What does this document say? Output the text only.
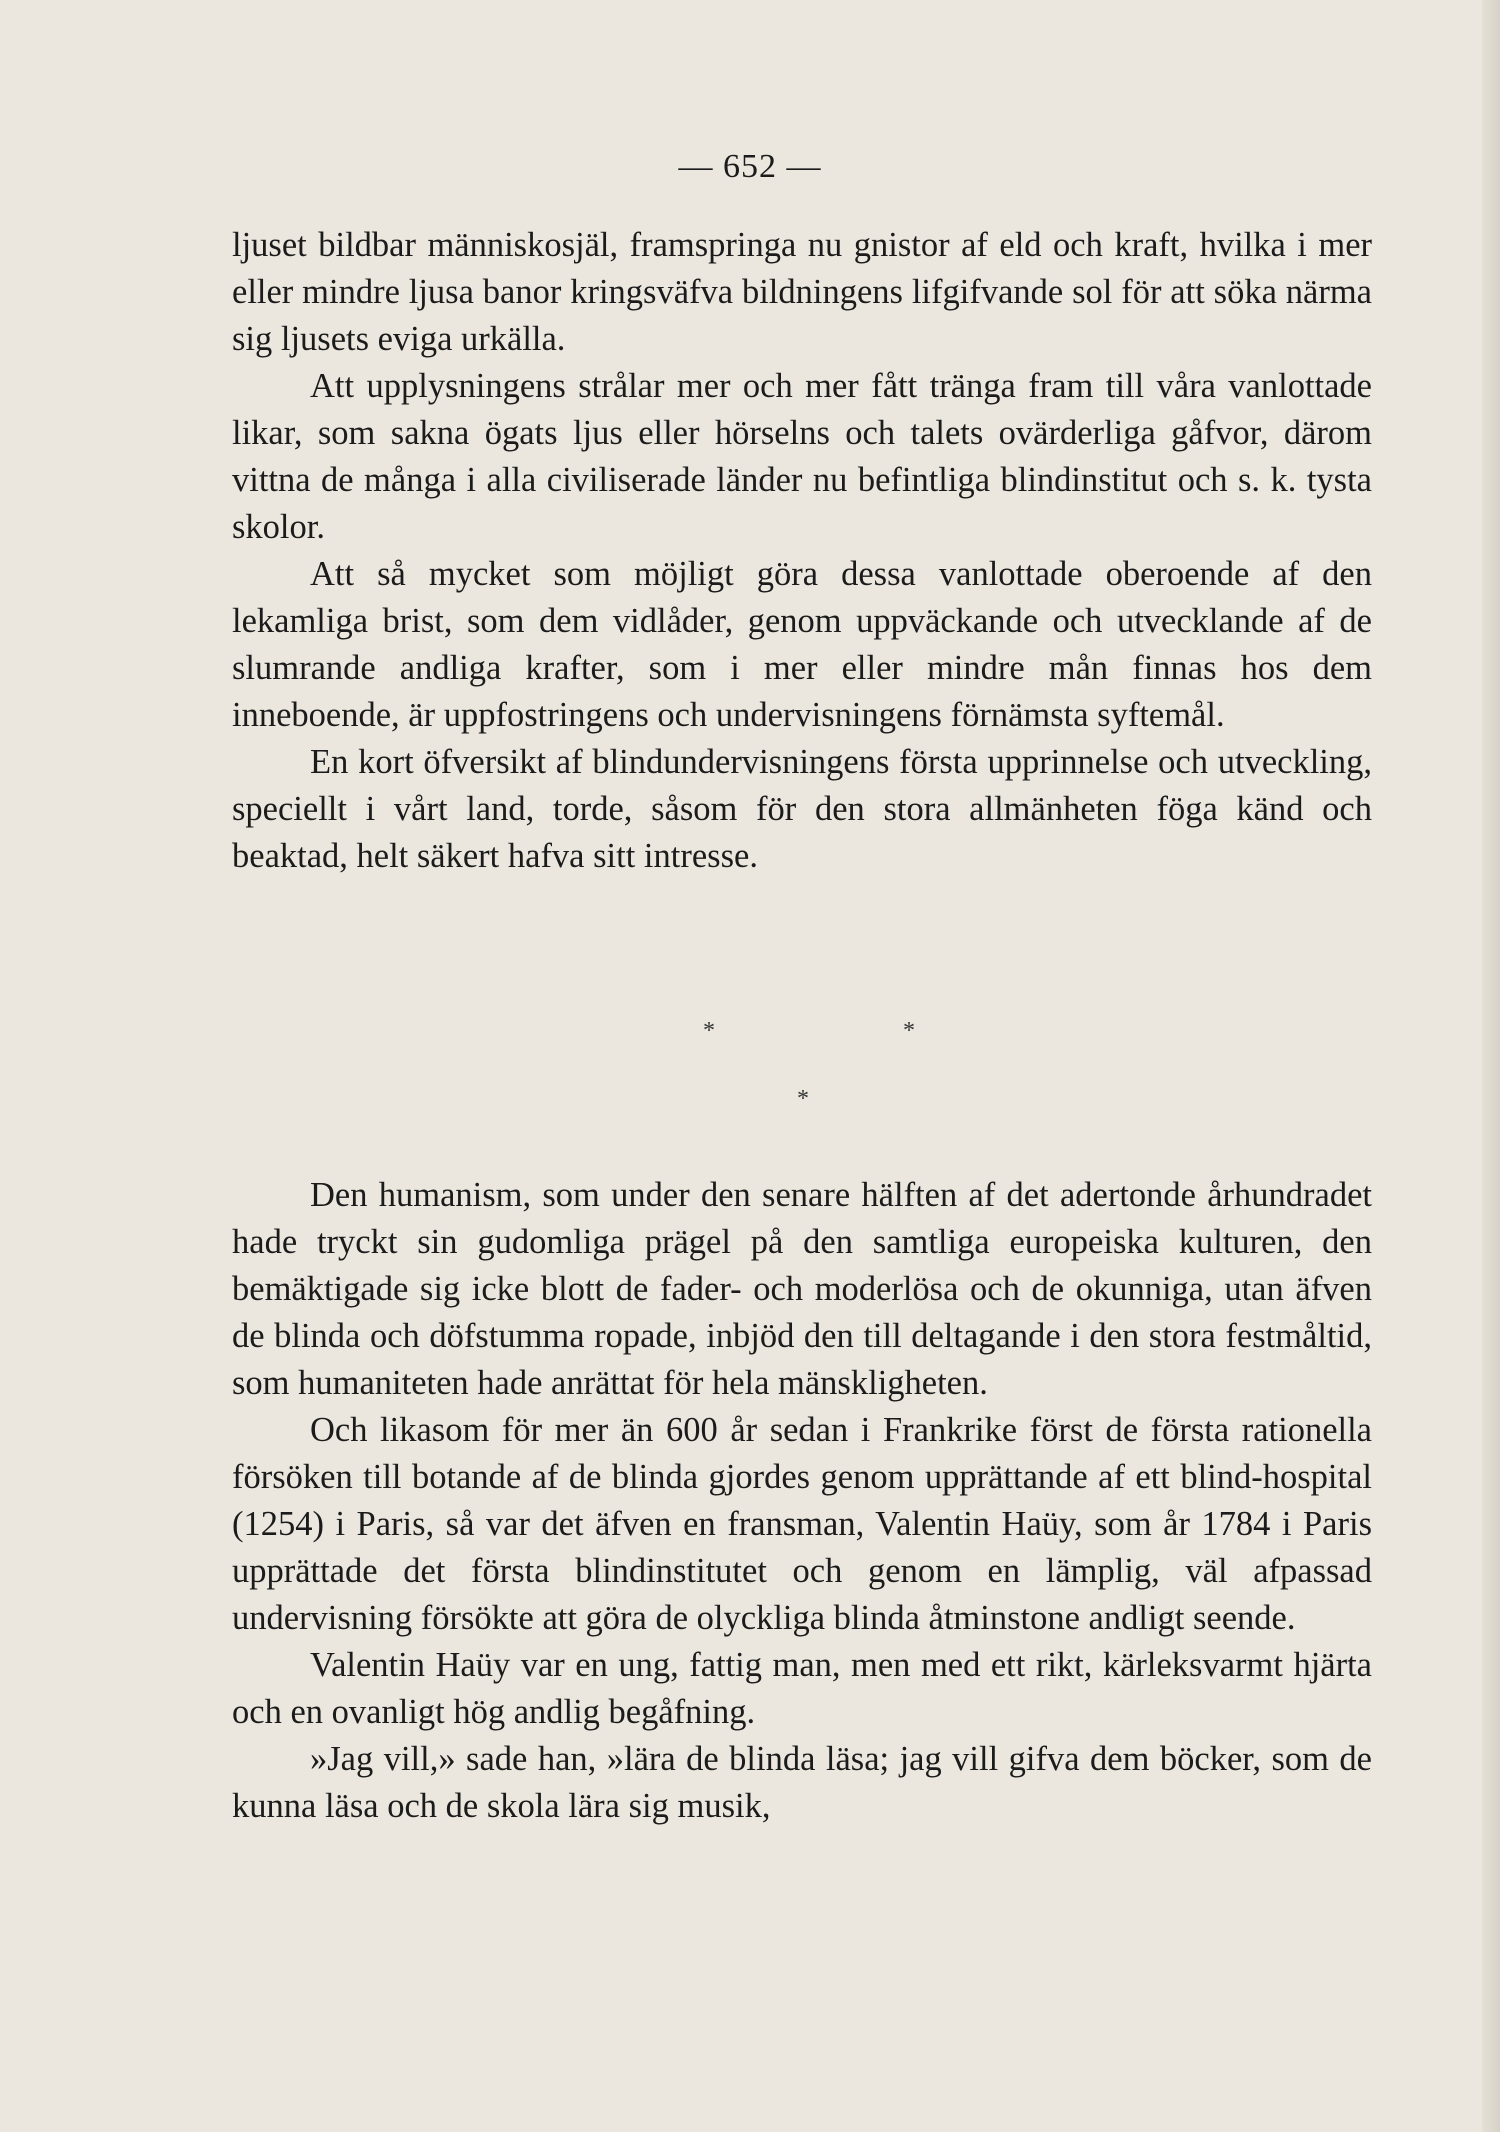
— 652 —

ljuset bildbar människosjäl, framspringa nu gnistor af eld och kraft, hvilka i mer eller mindre ljusa banor kringsväfva bildningens lifgifvande sol för att söka närma sig ljusets eviga urkälla.

Att upplysningens strålar mer och mer fått tränga fram till våra vanlottade likar, som sakna ögats ljus eller hörselns och talets ovärderliga gåfvor, därom vittna de många i alla civiliserade länder nu befintliga blindinstitut och s. k. tysta skolor.

Att så mycket som möjligt göra dessa vanlottade oberoende af den lekamliga brist, som dem vidlåder, genom uppväckande och utvecklande af de slumrande andliga krafter, som i mer eller mindre mån finnas hos dem inneboende, är uppfostringens och undervisningens förnämsta syftemål.

En kort öfversikt af blindundervisningens första upprinnelse och utveckling, speciellt i vårt land, torde, såsom för den stora allmänheten föga känd och beaktad, helt säkert hafva sitt intresse.

*	*
*

Den humanism, som under den senare hälften af det adertonde århundradet hade tryckt sin gudomliga prägel på den samtliga europeiska kulturen, den bemäktigade sig icke blott de fader- och moderlösa och de okunniga, utan äfven de blinda och döfstumma ropade, inbjöd den till deltagande i den stora festmåltid, som humaniteten hade anrättat för hela mänskligheten.

Och likasom för mer än 600 år sedan i Frankrike först de första rationella försöken till botande af de blinda gjordes genom upprättande af ett blind-hospital (1254) i Paris, så var det äfven en fransman, Valentin Haüy, som år 1784 i Paris upprättade det första blindinstitutet och genom en lämplig, väl afpassad undervisning försökte att göra de olyckliga blinda åtminstone andligt seende.

Valentin Haüy var en ung, fattig man, men med ett rikt, kärleksvarmt hjärta och en ovanligt hög andlig begåfning.

»Jag vill,» sade han, »lära de blinda läsa; jag vill gifva dem böcker, som de kunna läsa och de skola lära sig musik,
